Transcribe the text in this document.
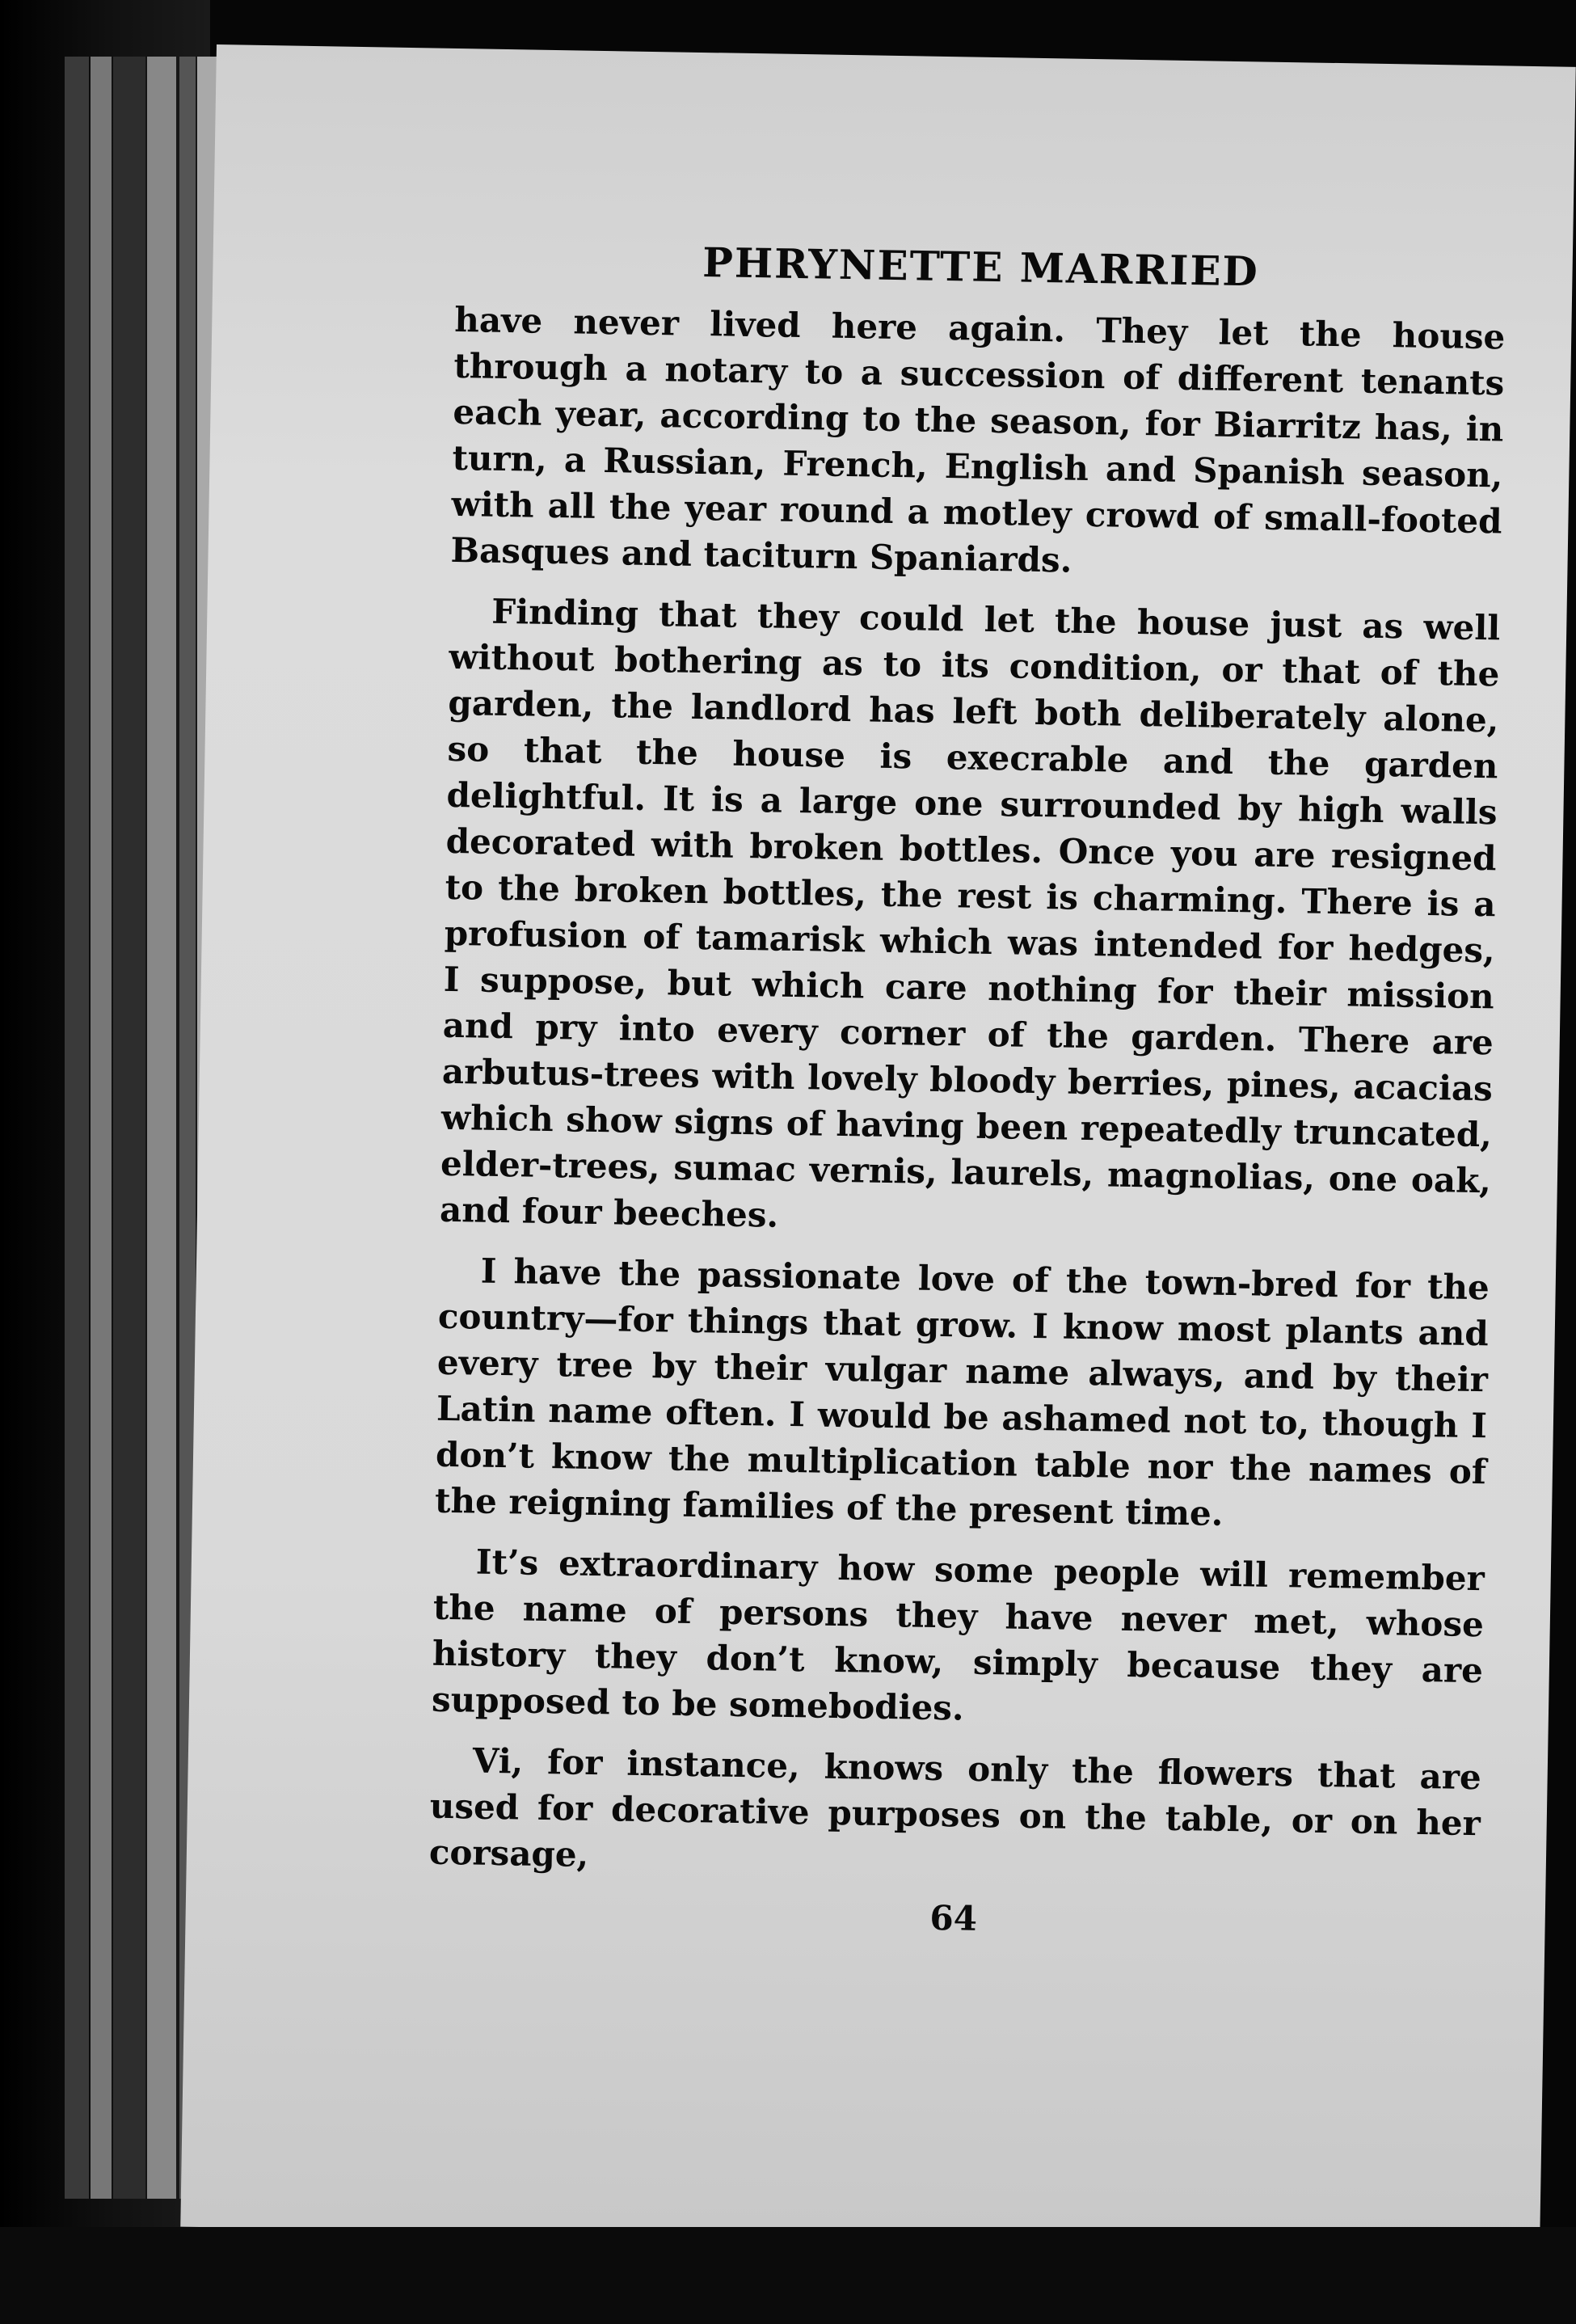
PHRYNETTE MARRIED

have never lived here again. They let the house through a notary to a succession of different tenants each year, according to the season, for Biarritz has, in turn, a Russian, French, English and Spanish season, with all the year round a motley crowd of small-footed Basques and taciturn Spaniards.

Finding that they could let the house just as well without bothering as to its condition, or that of the garden, the landlord has left both deliberately alone, so that the house is execrable and the garden delightful. It is a large one surrounded by high walls decorated with broken bottles. Once you are resigned to the broken bottles, the rest is charming. There is a profusion of tamarisk which was intended for hedges, I suppose, but which care nothing for their mission and pry into every corner of the garden. There are arbutus-trees with lovely bloody berries, pines, acacias which show signs of having been repeatedly truncated, elder-trees, sumac vernis, laurels, magnolias, one oak, and four beeches.

I have the passionate love of the town-bred for the country—for things that grow. I know most plants and every tree by their vulgar name always, and by their Latin name often. I would be ashamed not to, though I don’t know the multiplication table nor the names of the reigning families of the present time.

It’s extraordinary how some people will remember the name of persons they have never met, whose history they don’t know, simply because they are supposed to be somebodies.

Vi, for instance, knows only the flowers that are used for decorative purposes on the table, or on her corsage,

64
